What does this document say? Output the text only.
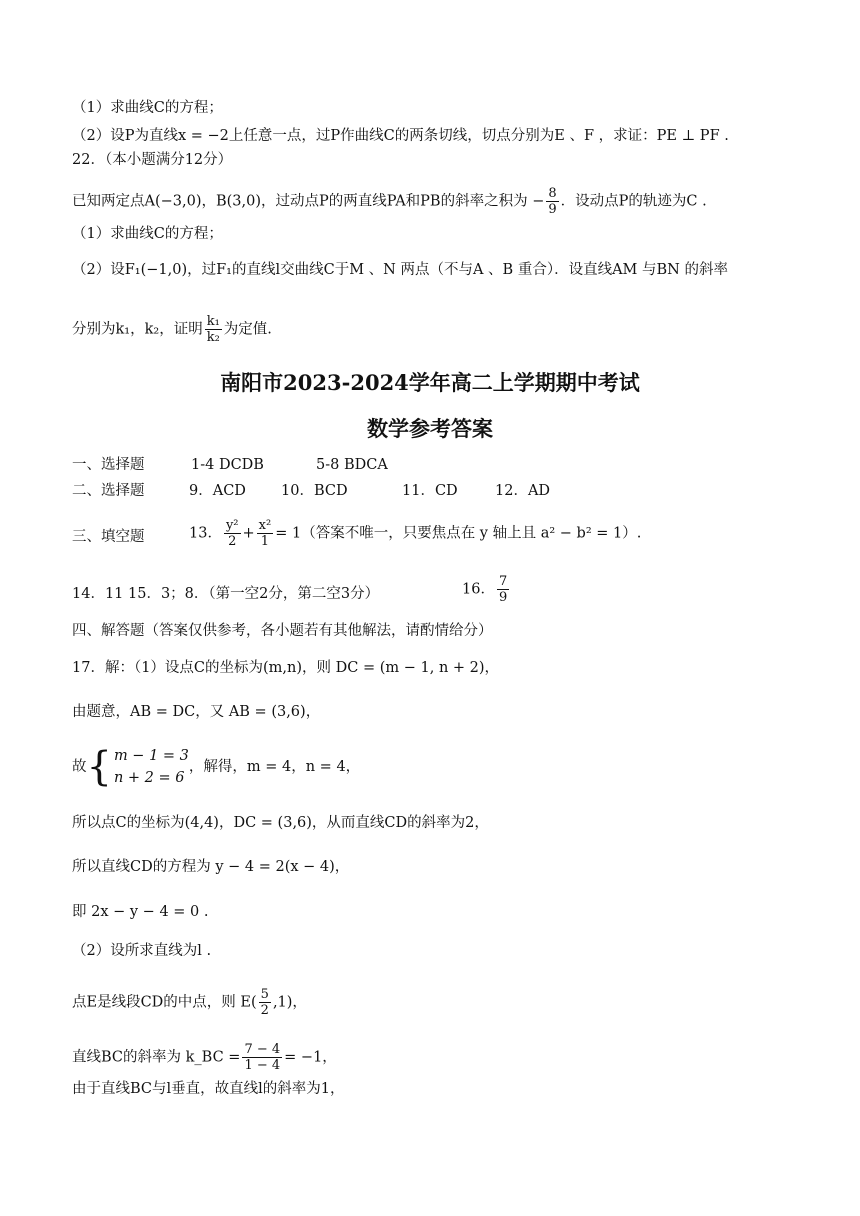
（1）求曲线C的方程；
（2）设P为直线x = −2上任意一点，过P作曲线C的两条切线，切点分别为E 、F ，求证：PE ⊥ PF .
22．（本小题满分12分）
已知两定点A(−3,0)，B(3,0)，过动点P的两直线PA和PB的斜率之积为 − $\frac{8}{9}$ ．设动点P的轨迹为C .
（1）求曲线C的方程；
（2）设F₁(−1,0)，过F₁的直线l交曲线C于M 、N 两点（不与A 、B 重合）．设直线AM 与BN 的斜率
分别为k₁，k₂，证明 $\frac{\text{k₁}}{\text{k₂}}$ 为定值.
南阳市2023-2024学年高二上学期期中考试
数学参考答案
一、选择题	1-4 DCDB	5-8 BDCA
二、选择题	9．ACD 10．BCD	11．CD	12．AD
三、填空题	13． $\frac{\text{y²}}{2} + \frac{\text{x²}}{1} = 1$（答案不唯一，只要焦点在 y 轴上且 a² − b² = 1）.
14．11 15．3；8．（第一空2分，第二空3分）	16． $\frac{7}{9}$
四、解答题（答案仅供参考，各小题若有其他解法，请酌情给分）
17．解：（1）设点C的坐标为(m,n)，则 DC = (m − 1, n + 2)，
由题意，AB = DC，又 AB = (3,6)，
故 { m − 1 = 3
n + 2 = 6
，解得，m = 4，n = 4，
所以点C的坐标为(4,4)，DC = (3,6)，从而直线CD的斜率为2，
所以直线CD的方程为 y − 4 = 2(x − 4)，
即 2x − y − 4 = 0 .
（2）设所求直线为l .
点E是线段CD的中点，则 $E( \frac{5}{2} ,1)$，
直线BC的斜率为 k_BC = $\frac{7 - 4}{1 - 4} = -1$，
由于直线BC与l垂直，故直线l的斜率为1，
